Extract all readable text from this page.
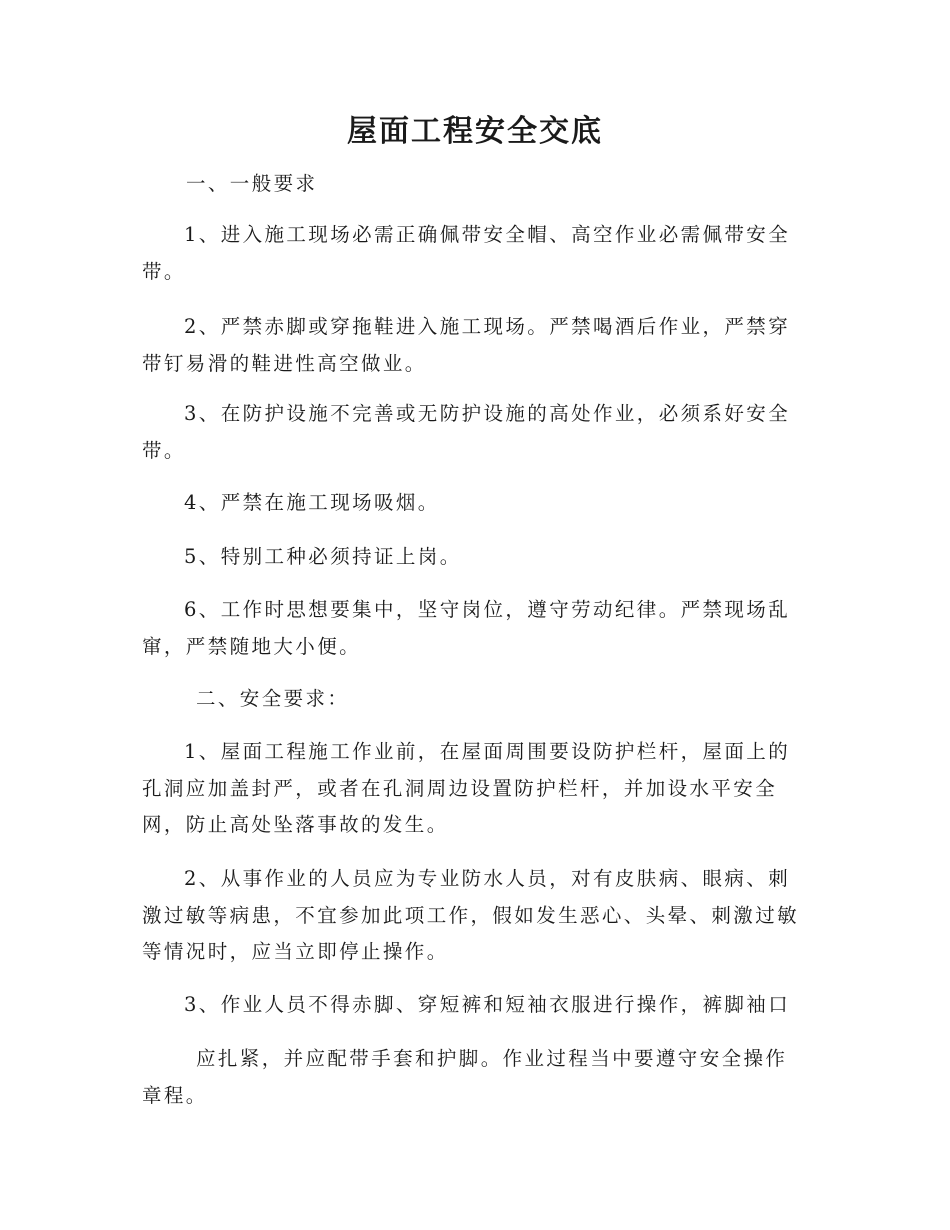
屋面工程安全交底

一、一般要求

1、进入施工现场必需正确佩带安全帽、高空作业必需佩带安全带。

2、严禁赤脚或穿拖鞋进入施工现场。严禁喝酒后作业，严禁穿带钉易滑的鞋进性高空做业。

3、在防护设施不完善或无防护设施的高处作业，必须系好安全带。

4、严禁在施工现场吸烟。

5、特别工种必须持证上岗。

6、工作时思想要集中，坚守岗位，遵守劳动纪律。严禁现场乱窜，严禁随地大小便。

二、安全要求：

1、屋面工程施工作业前，在屋面周围要设防护栏杆，屋面上的孔洞应加盖封严，或者在孔洞周边设置防护栏杆，并加设水平安全网，防止高处坠落事故的发生。

2、从事作业的人员应为专业防水人员，对有皮肤病、眼病、刺激过敏等病患，不宜参加此项工作，假如发生恶心、头晕、刺激过敏等情况时，应当立即停止操作。

3、作业人员不得赤脚、穿短裤和短袖衣服进行操作，裤脚袖口

应扎紧，并应配带手套和护脚。作业过程当中要遵守安全操作章程。
